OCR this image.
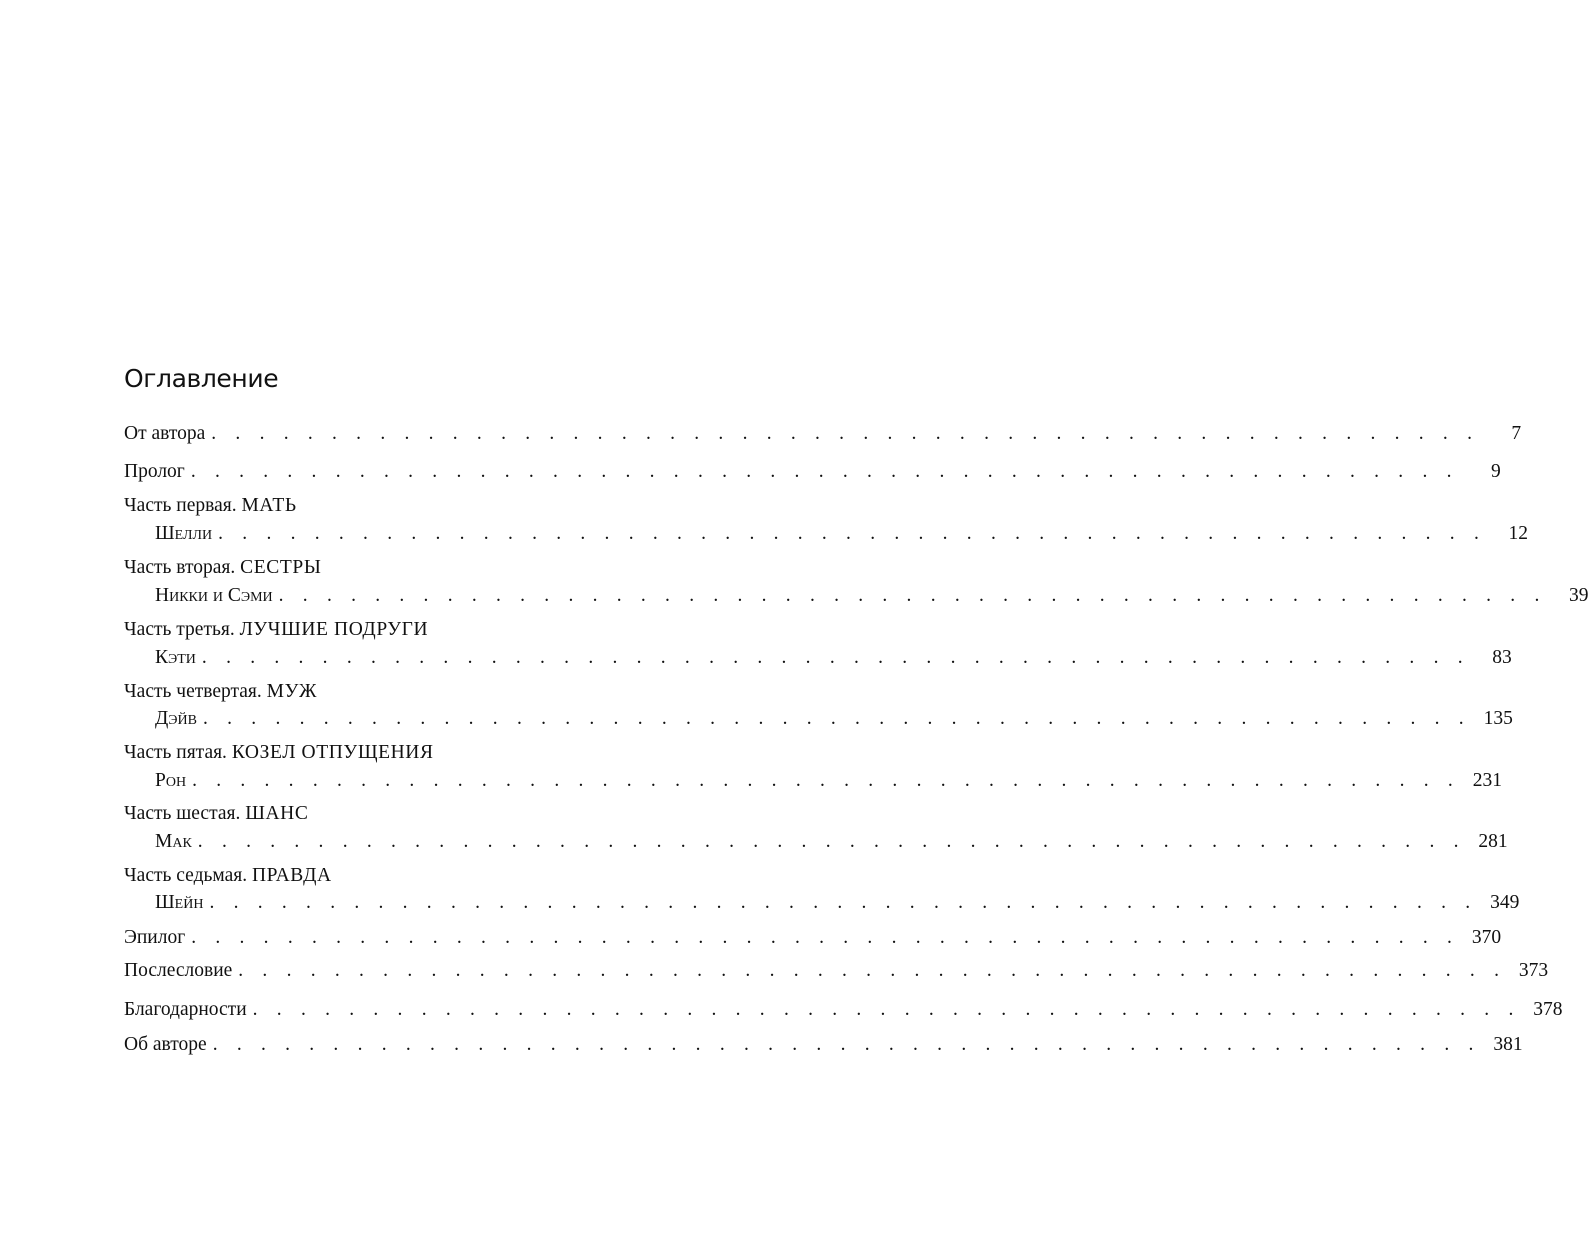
Оглавление
От автора . . . . . . . . . . . . . . . . . . . . . . . . . . . . . . . . . . . . . . . . . . . . . . . . . . . . .	7
Пролог . . . . . . . . . . . . . . . . . . . . . . . . . . . . . . . . . . . . . . . . . . . . . . . . . . . . .	9
Часть первая.
МАТЬ
Шелли . . . . . . . . . . . . . . . . . . . . . . . . . . . . . . . . . . . . . . . . . . . . . . . . . . . . .	12
Часть вторая.
СЕСТРЫ
Никки и Сэми . . . . . . . . . . . . . . . . . . . . . . . . . . . . . . . . . . . . . . . . . . . . . . . . . . . . .	39
Часть третья.
ЛУЧШИЕ ПОДРУГИ
Кэти . . . . . . . . . . . . . . . . . . . . . . . . . . . . . . . . . . . . . . . . . . . . . . . . . . . . .	83
Часть четвертая.
МУЖ
Дэйв . . . . . . . . . . . . . . . . . . . . . . . . . . . . . . . . . . . . . . . . . . . . . . . . . . . . . 135
Часть пятая.
КОЗЕЛ ОТПУЩЕНИЯ
Рон . . . . . . . . . . . . . . . . . . . . . . . . . . . . . . . . . . . . . . . . . . . . . . . . . . . . . 231
Часть шестая.
ШАНС
Мак . . . . . . . . . . . . . . . . . . . . . . . . . . . . . . . . . . . . . . . . . . . . . . . . . . . . . 281
Часть седьмая.
ПРАВДА
Шейн . . . . . . . . . . . . . . . . . . . . . . . . . . . . . . . . . . . . . . . . . . . . . . . . . . . . . 349
Эпилог . . . . . . . . . . . . . . . . . . . . . . . . . . . . . . . . . . . . . . . . . . . . . . . . . . . . . 370
Послесловие . . . . . . . . . . . . . . . . . . . . . . . . . . . . . . . . . . . . . . . . . . . . . . . . . . . . . 373
Благодарности . . . . . . . . . . . . . . . . . . . . . . . . . . . . . . . . . . . . . . . . . . . . . . . . . . . . . 378
Об авторе . . . . . . . . . . . . . . . . . . . . . . . . . . . . . . . . . . . . . . . . . . . . . . . . . . . . . 381
